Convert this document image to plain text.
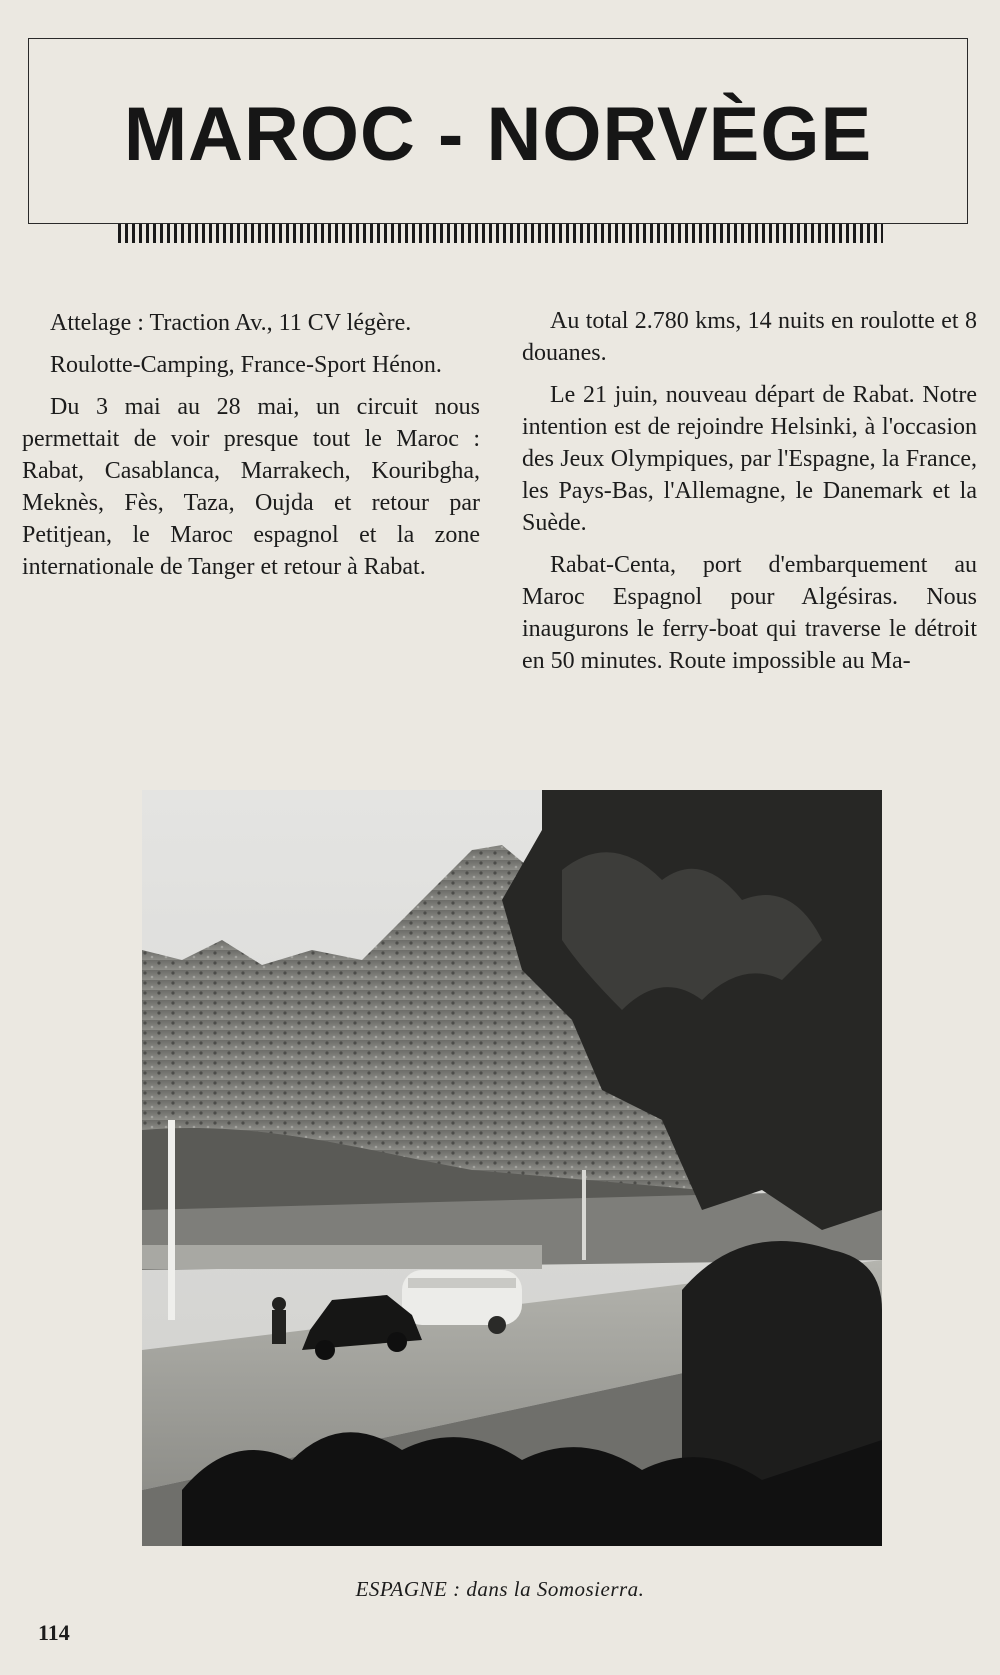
MAROC - NORVÈGE

Attelage : Traction Av., 11 CV légère.

Roulotte-Camping, France-Sport Hénon.

Du 3 mai au 28 mai, un circuit nous permettait de voir presque tout le Maroc : Rabat, Casablanca, Marrakech, Kouribgha, Meknès, Fès, Taza, Oujda et retour par Petitjean, le Maroc espagnol et la zone internationale de Tanger et retour à Rabat.

Au total 2.780 kms, 14 nuits en roulotte et 8 douanes.

Le 21 juin, nouveau départ de Rabat. Notre intention est de rejoindre Helsinki, à l'occasion des Jeux Olympiques, par l'Espagne, la France, les Pays-Bas, l'Allemagne, le Danemark et la Suède.

Rabat-Centa, port d'embarquement au Maroc Espagnol pour Algésiras. Nous inaugurons le ferry-boat qui traverse le détroit en 50 minutes. Route impossible au Ma-

ESPAGNE : dans la Somosierra.
114
